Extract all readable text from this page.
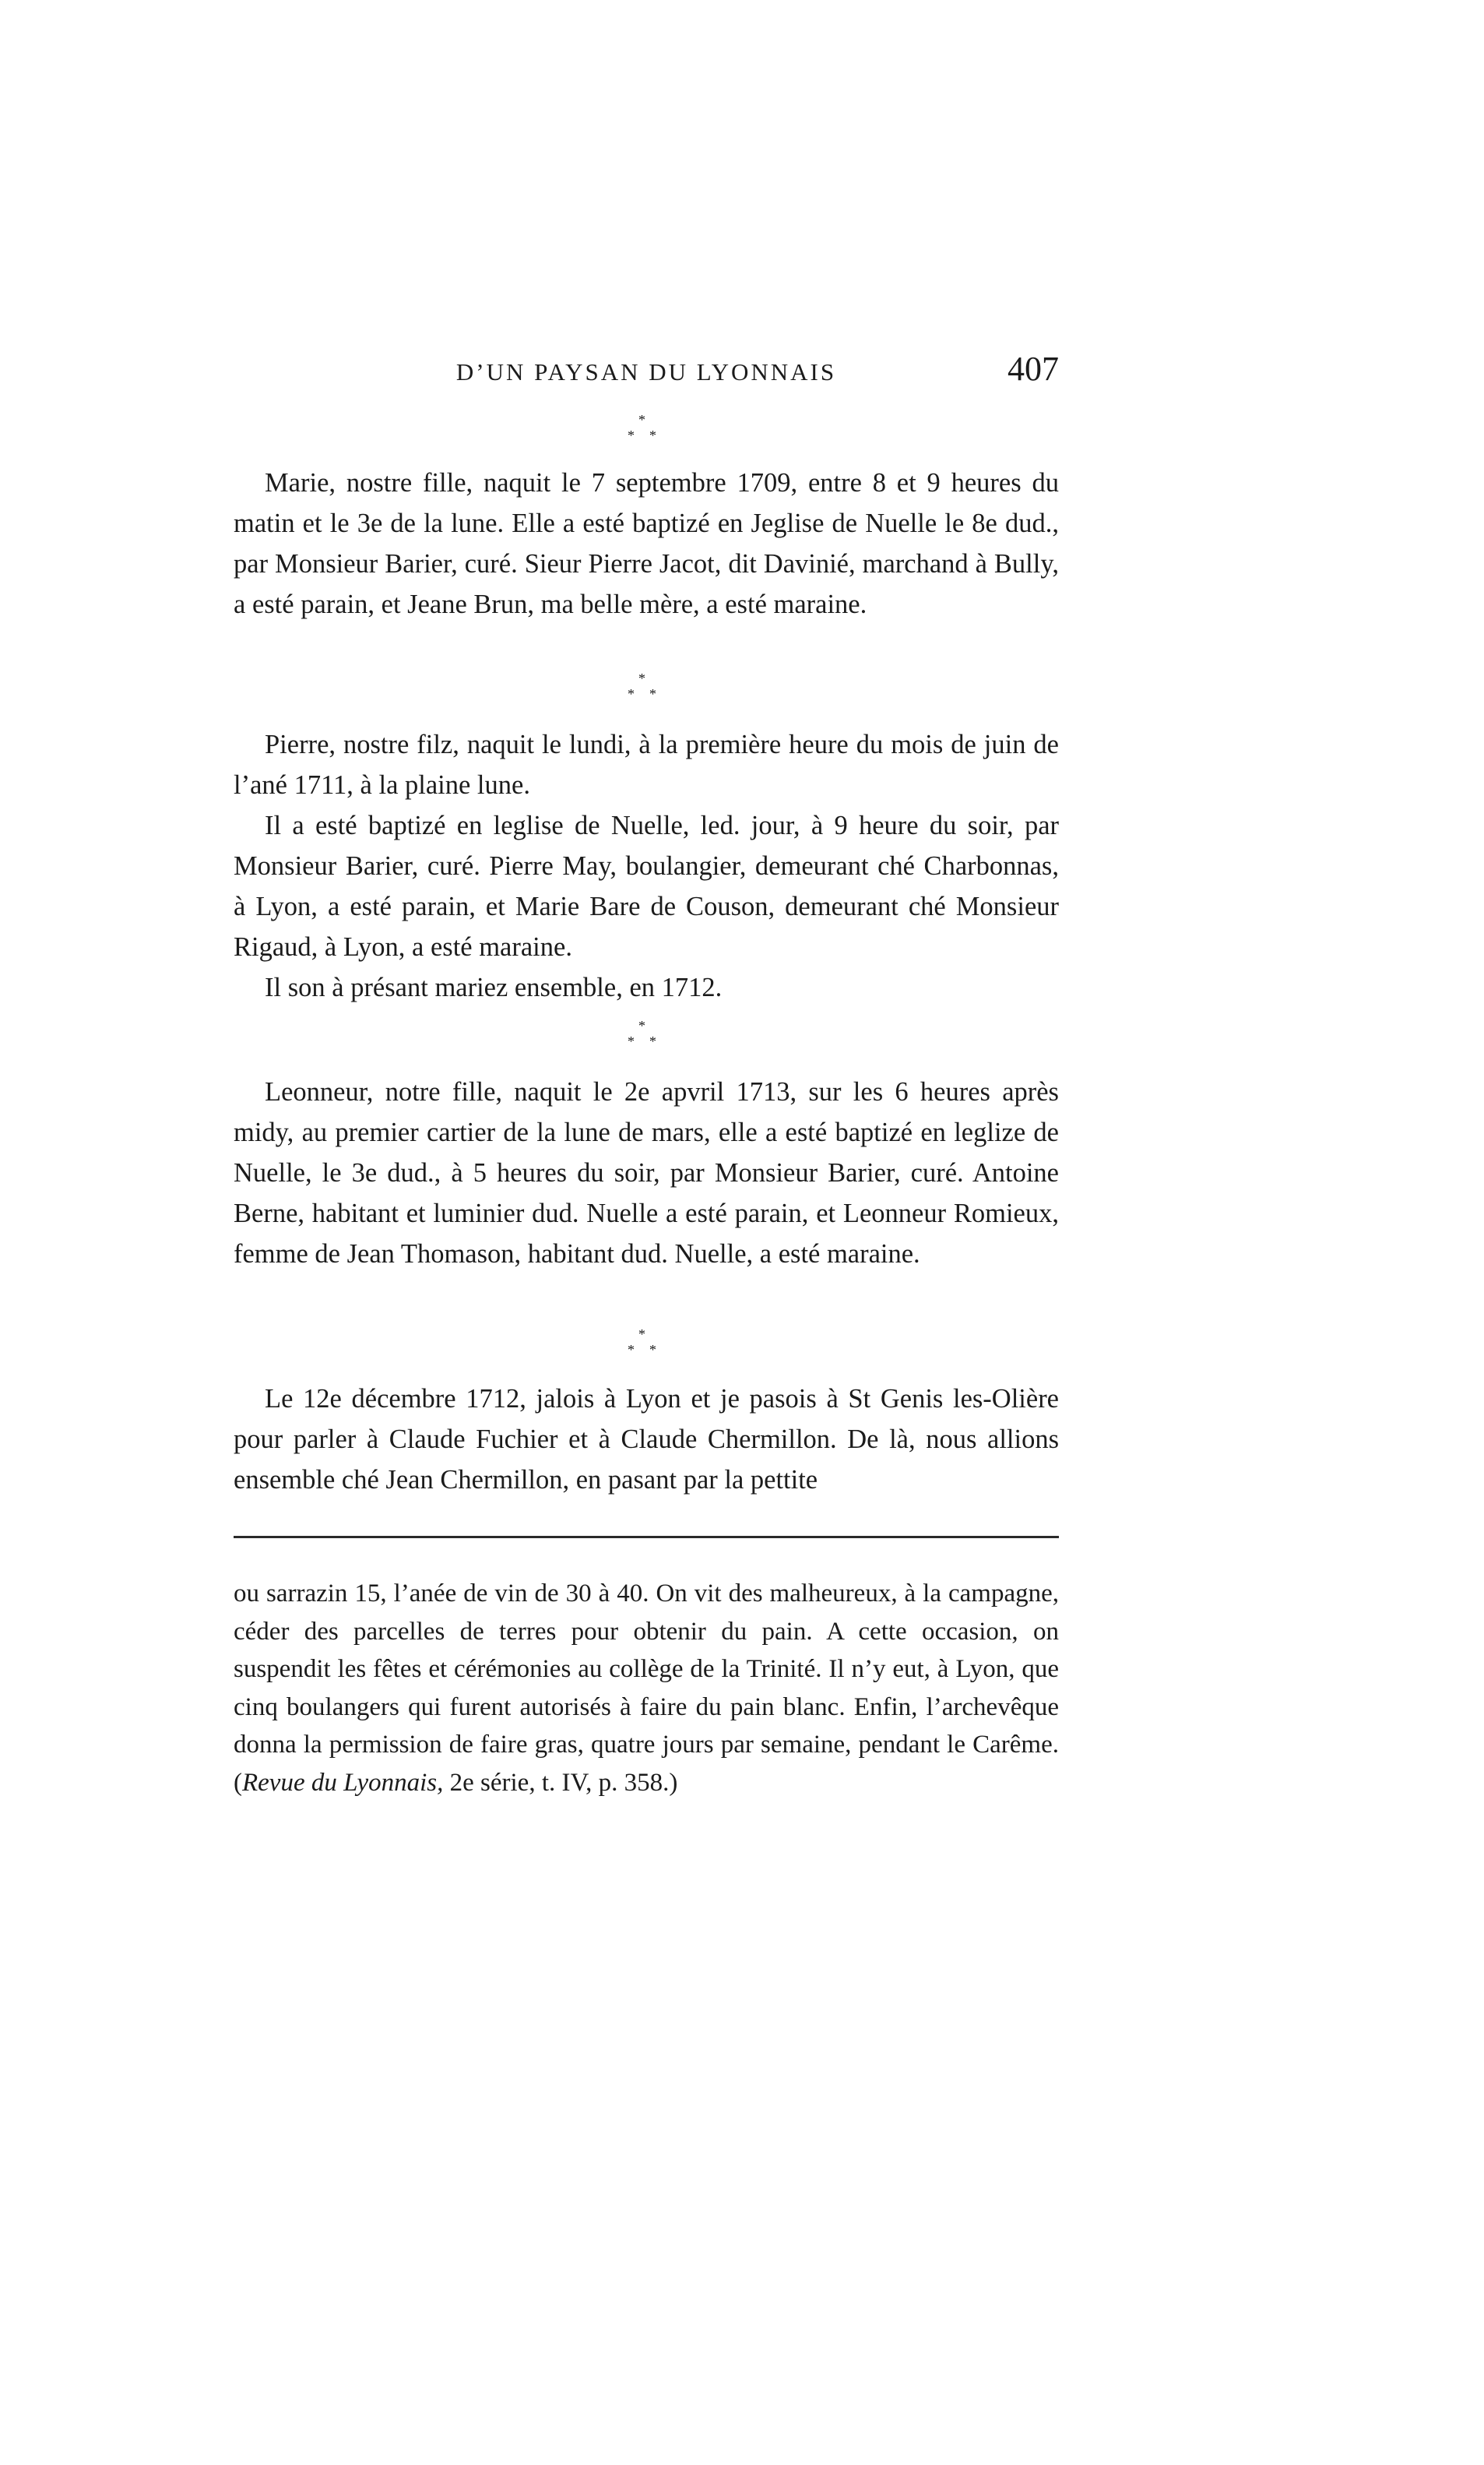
D’UN PAYSAN DU LYONNAIS	407
*
* *

Marie, nostre fille, naquit le 7 septembre 1709, entre 8 et 9 heures du matin et le 3e de la lune. Elle a esté baptizé en Jeglise de Nuelle le 8e dud., par Monsieur Barier, curé. Sieur Pierre Jacot, dit Davinié, marchand à Bully, a esté parain, et Jeane Brun, ma belle mère, a esté maraine.

*
* *

Pierre, nostre filz, naquit le lundi, à la première heure du mois de juin de l’ané 1711, à la plaine lune.

Il a esté baptizé en leglise de Nuelle, led. jour, à 9 heure du soir, par Monsieur Barier, curé. Pierre May, boulangier, demeurant ché Charbonnas, à Lyon, a esté parain, et Marie Bare de Couson, demeurant ché Monsieur Rigaud, à Lyon, a esté maraine.

Il son à présant mariez ensemble, en 1712.

*
* *

Leonneur, notre fille, naquit le 2e apvril 1713, sur les 6 heures après midy, au premier cartier de la lune de mars, elle a esté baptizé en leglize de Nuelle, le 3e dud., à 5 heures du soir, par Monsieur Barier, curé. Antoine Berne, habitant et luminier dud. Nuelle a esté parain, et Leonneur Romieux, femme de Jean Thomason, habitant dud. Nuelle, a esté maraine.

*
* *

Le 12e décembre 1712, jalois à Lyon et je pasois à St Genis les-Olière pour parler à Claude Fuchier et à Claude Chermillon. De là, nous allions ensemble ché Jean Chermillon, en pasant par la pettite

ou sarrazin 15, l’anée de vin de 30 à 40. On vit des malheureux, à la campagne, céder des parcelles de terres pour obtenir du pain. A cette occasion, on suspendit les fêtes et cérémonies au collège de la Trinité. Il n’y eut, à Lyon, que cinq boulangers qui furent autorisés à faire du pain blanc. Enfin, l’archevêque donna la permission de faire gras, quatre jours par semaine, pendant le Carême. (Revue du Lyonnais, 2e série, t. IV, p. 358.)
